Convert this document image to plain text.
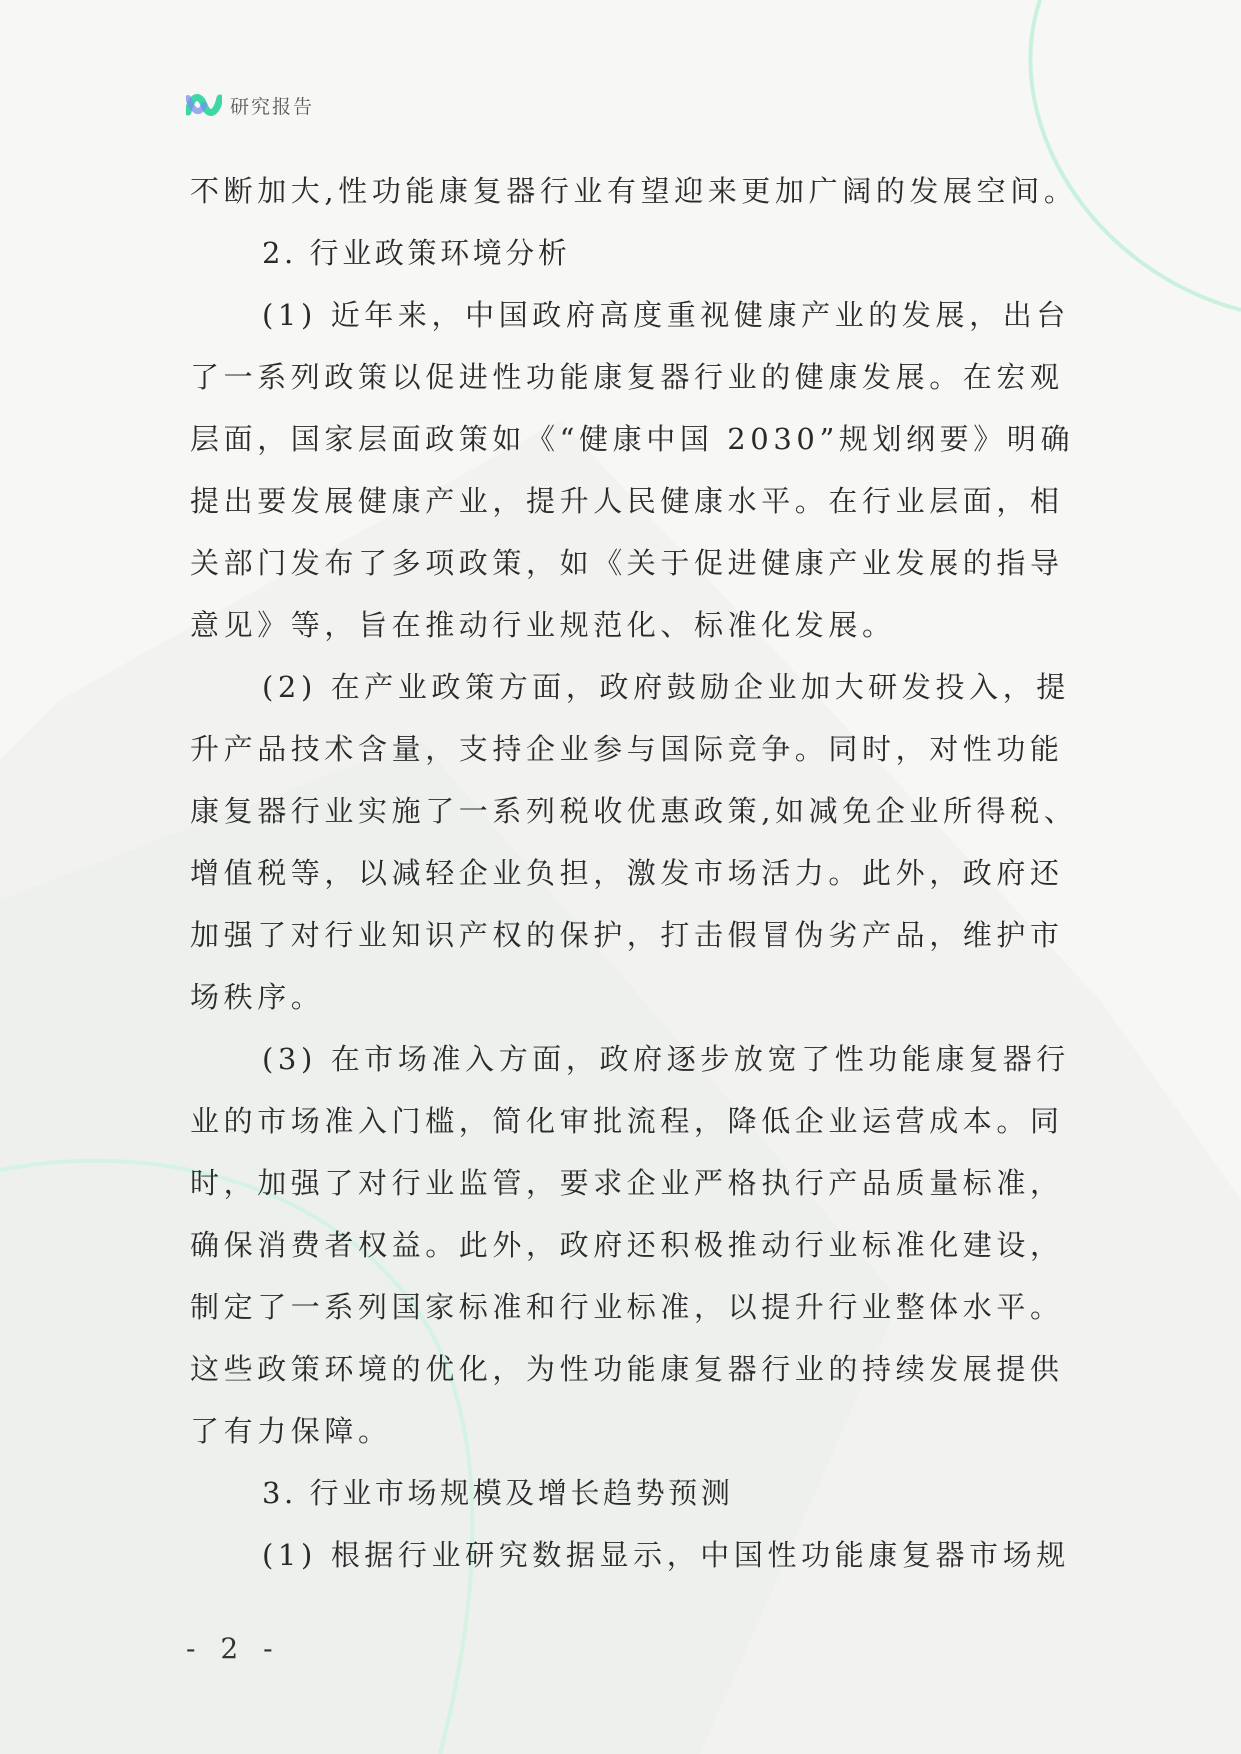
研究报告
不断加大,性功能康复器行业有望迎来更加广阔的发展空间。
2. 行业政策环境分析
(1) 近年来，中国政府高度重视健康产业的发展，出台
了一系列政策以促进性功能康复器行业的健康发展。在宏观
层面，国家层面政策如《“健康中国 2030”规划纲要》明确
提出要发展健康产业，提升人民健康水平。在行业层面，相
关部门发布了多项政策，如《关于促进健康产业发展的指导
意见》等，旨在推动行业规范化、标准化发展。
(2) 在产业政策方面，政府鼓励企业加大研发投入，提
升产品技术含量，支持企业参与国际竞争。同时，对性功能
康复器行业实施了一系列税收优惠政策,如减免企业所得税、
增值税等，以减轻企业负担，激发市场活力。此外，政府还
加强了对行业知识产权的保护，打击假冒伪劣产品，维护市
场秩序。
(3) 在市场准入方面，政府逐步放宽了性功能康复器行
业的市场准入门槛，简化审批流程，降低企业运营成本。同
时，加强了对行业监管，要求企业严格执行产品质量标准，
确保消费者权益。此外，政府还积极推动行业标准化建设，
制定了一系列国家标准和行业标准，以提升行业整体水平。
这些政策环境的优化，为性功能康复器行业的持续发展提供
了有力保障。
3. 行业市场规模及增长趋势预测
(1) 根据行业研究数据显示，中国性功能康复器市场规
- 2 -
